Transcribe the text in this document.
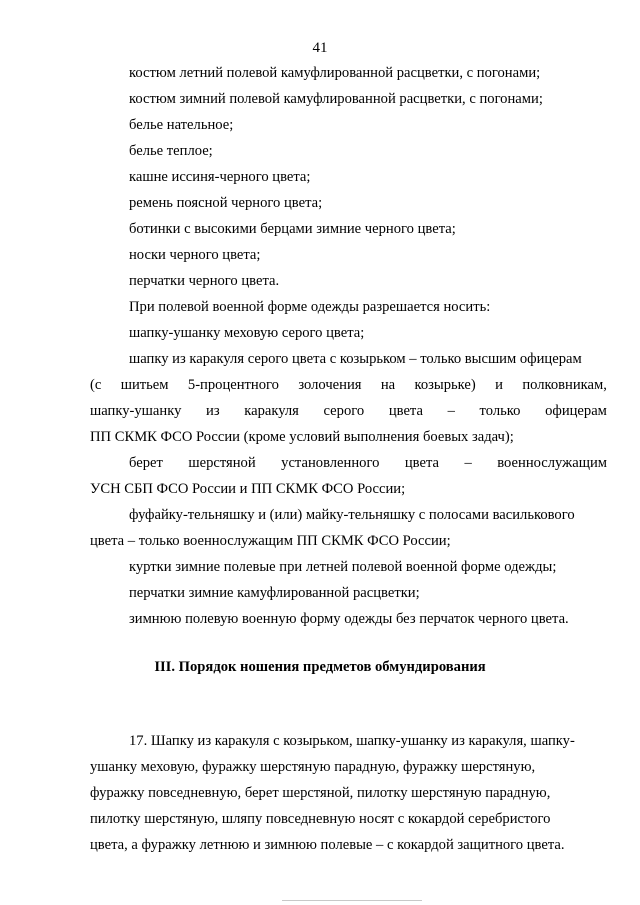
41
костюм летний полевой камуфлированной расцветки, с погонами;
костюм зимний полевой камуфлированной расцветки, с погонами;
белье нательное;
белье теплое;
кашне иссиня-черного цвета;
ремень поясной черного цвета;
ботинки с высокими берцами зимние черного цвета;
носки черного цвета;
перчатки черного цвета.
При полевой военной форме одежды разрешается носить:
шапку-ушанку меховую серого цвета;
шапку из каракуля серого цвета с козырьком – только высшим офицерам
(с шитьем 5-процентного золочения на козырьке) и полковникам,
шапку-ушанку из каракуля серого цвета – только офицерам
ПП СКМК ФСО России (кроме условий выполнения боевых задач);
берет шерстяной установленного цвета – военнослужащим
УСН СБП ФСО России и ПП СКМК ФСО России;
фуфайку-тельняшку и (или) майку-тельняшку с полосами василькового
цвета – только военнослужащим ПП СКМК ФСО России;
куртки зимние полевые при летней полевой военной форме одежды;
перчатки зимние камуфлированной расцветки;
зимнюю полевую военную форму одежды без перчаток черного цвета.
III. Порядок ношения предметов обмундирования
17. Шапку из каракуля с козырьком, шапку-ушанку из каракуля, шапку-
ушанку меховую, фуражку шерстяную парадную, фуражку шерстяную,
фуражку повседневную, берет шерстяной, пилотку шерстяную парадную,
пилотку шерстяную, шляпу повседневную носят с кокардой серебристого
цвета, а фуражку летнюю и зимнюю полевые – с кокардой защитного цвета.
